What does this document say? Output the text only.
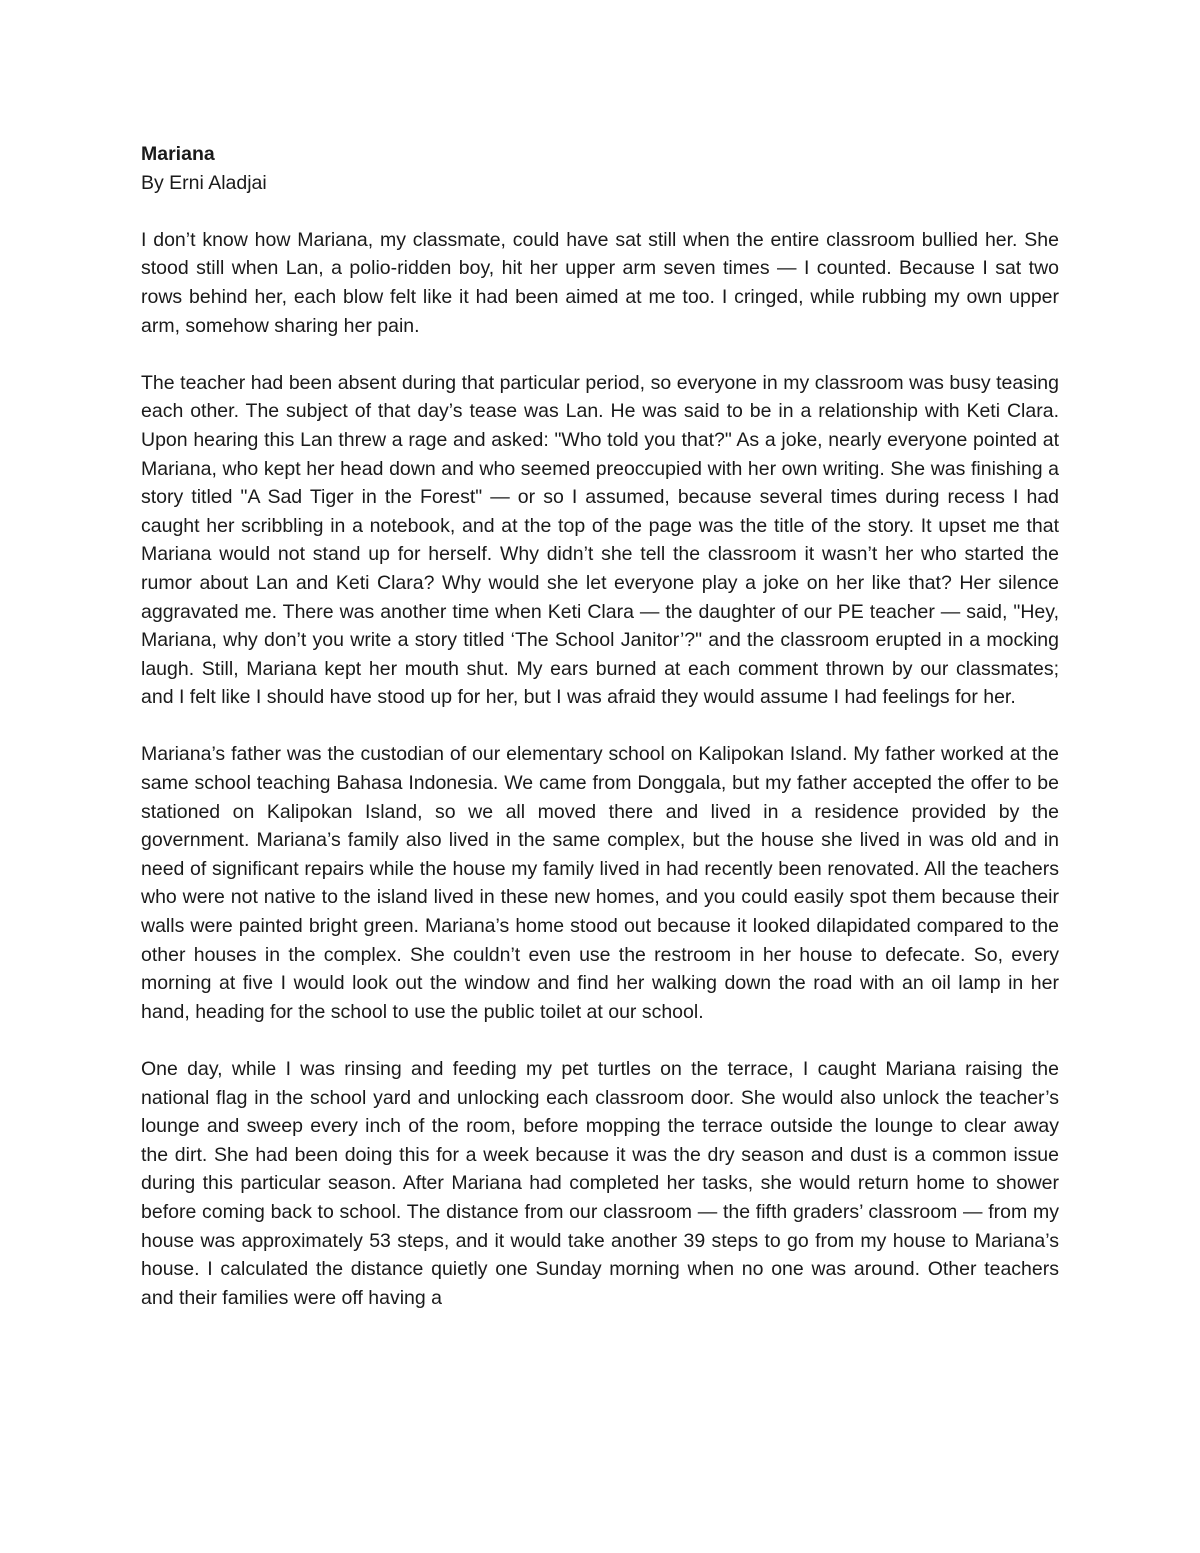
Mariana

By Erni Aladjai

I don’t know how Mariana, my classmate, could have sat still when the entire classroom bullied her. She stood still when Lan, a polio-ridden boy, hit her upper arm seven times — I counted. Because I sat two rows behind her, each blow felt like it had been aimed at me too. I cringed, while rubbing my own upper arm, somehow sharing her pain.

The teacher had been absent during that particular period, so everyone in my classroom was busy teasing each other. The subject of that day’s tease was Lan. He was said to be in a relationship with Keti Clara. Upon hearing this Lan threw a rage and asked: "Who told you that?" As a joke, nearly everyone pointed at Mariana, who kept her head down and who seemed preoccupied with her own writing. She was finishing a story titled "A Sad Tiger in the Forest" — or so I assumed, because several times during recess I had caught her scribbling in a notebook, and at the top of the page was the title of the story. It upset me that Mariana would not stand up for herself. Why didn’t she tell the classroom it wasn’t her who started the rumor about Lan and Keti Clara? Why would she let everyone play a joke on her like that? Her silence aggravated me. There was another time when Keti Clara — the daughter of our PE teacher — said, "Hey, Mariana, why don’t you write a story titled ‘The School Janitor’?" and the classroom erupted in a mocking laugh. Still, Mariana kept her mouth shut. My ears burned at each comment thrown by our classmates; and I felt like I should have stood up for her, but I was afraid they would assume I had feelings for her.

Mariana’s father was the custodian of our elementary school on Kalipokan Island. My father worked at the same school teaching Bahasa Indonesia. We came from Donggala, but my father accepted the offer to be stationed on Kalipokan Island, so we all moved there and lived in a residence provided by the government. Mariana’s family also lived in the same complex, but the house she lived in was old and in need of significant repairs while the house my family lived in had recently been renovated. All the teachers who were not native to the island lived in these new homes, and you could easily spot them because their walls were painted bright green. Mariana’s home stood out because it looked dilapidated compared to the other houses in the complex. She couldn’t even use the restroom in her house to defecate. So, every morning at five I would look out the window and find her walking down the road with an oil lamp in her hand, heading for the school to use the public toilet at our school.

One day, while I was rinsing and feeding my pet turtles on the terrace, I caught Mariana raising the national flag in the school yard and unlocking each classroom door. She would also unlock the teacher’s lounge and sweep every inch of the room, before mopping the terrace outside the lounge to clear away the dirt. She had been doing this for a week because it was the dry season and dust is a common issue during this particular season. After Mariana had completed her tasks, she would return home to shower before coming back to school. The distance from our classroom — the fifth graders’ classroom — from my house was approximately 53 steps, and it would take another 39 steps to go from my house to Mariana’s house. I calculated the distance quietly one Sunday morning when no one was around. Other teachers and their families were off having a
